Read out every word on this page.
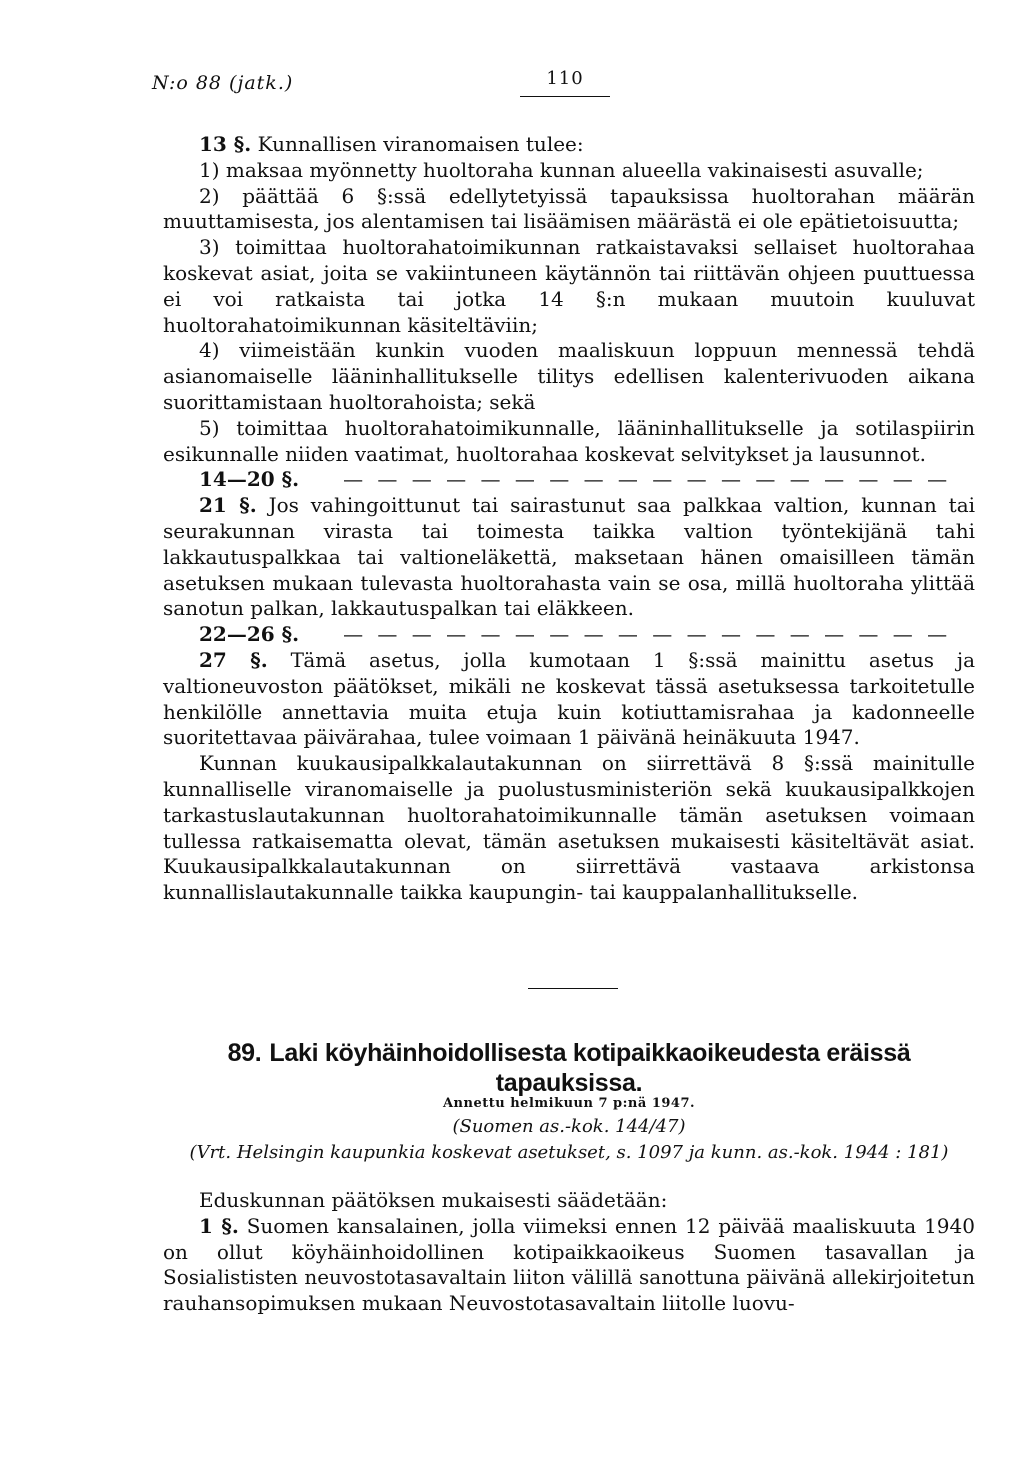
N:o 88 (jatk.)	110

13 §. Kunnallisen viranomaisen tulee:

1) maksaa myönnetty huoltoraha kunnan alueella vakinaisesti asuvalle;

2) päättää 6 §:ssä edellytetyissä tapauksissa huoltorahan määrän muuttamisesta, jos alentamisen tai lisäämisen määrästä ei ole epätietoisuutta;

3) toimittaa huoltorahatoimikunnan ratkaistavaksi sellaiset huoltorahaa koskevat asiat, joita se vakiintuneen käytännön tai riittävän ohjeen puuttuessa ei voi ratkaista tai jotka 14 §:n mukaan muutoin kuuluvat huoltorahatoimikunnan käsiteltäviin;

4) viimeistään kunkin vuoden maaliskuun loppuun mennessä tehdä asianomaiselle lääninhallitukselle tilitys edellisen kalenterivuoden aikana suorittamistaan huoltorahoista; sekä

5) toimittaa huoltorahatoimikunnalle, lääninhallitukselle ja sotilaspiirin esikunnalle niiden vaatimat, huoltorahaa koskevat selvitykset ja lausunnot.

14—20 §. — — — — — — — — — — — — — — — — — —

21 §. Jos vahingoittunut tai sairastunut saa palkkaa valtion, kunnan tai seurakunnan virasta tai toimesta taikka valtion työntekijänä tahi lakkautuspalkkaa tai valtioneläkettä, maksetaan hänen omaisilleen tämän asetuksen mukaan tulevasta huoltorahasta vain se osa, millä huoltoraha ylittää sanotun palkan, lakkautuspalkan tai eläkkeen.

22—26 §. — — — — — — — — — — — — — — — — — —

27 §. Tämä asetus, jolla kumotaan 1 §:ssä mainittu asetus ja valtioneuvoston päätökset, mikäli ne koskevat tässä asetuksessa tarkoitetulle henkilölle annettavia muita etuja kuin kotiuttamisrahaa ja kadonneelle suoritettavaa päivärahaa, tulee voimaan 1 päivänä heinäkuuta 1947.

Kunnan kuukausipalkkalautakunnan on siirrettävä 8 §:ssä mainitulle kunnalliselle viranomaiselle ja puolustusministeriön sekä kuukausipalkkojen tarkastuslautakunnan huoltorahatoimikunnalle tämän asetuksen voimaan tullessa ratkaisematta olevat, tämän asetuksen mukaisesti käsiteltävät asiat. Kuukausipalkkalautakunnan on siirrettävä vastaava arkistonsa kunnallislautakunnalle taikka kaupungin- tai kauppalanhallitukselle.

89. Laki köyhäinhoidollisesta kotipaikkaoikeudesta eräissä tapauksissa.
Annettu helmikuun 7 p:nä 1947.
(Suomen as.-kok. 144/47)
(Vrt. Helsingin kaupunkia koskevat asetukset, s. 1097 ja kunn. as.-kok. 1944 : 181)

Eduskunnan päätöksen mukaisesti säädetään:

1 §. Suomen kansalainen, jolla viimeksi ennen 12 päivää maaliskuuta 1940 on ollut köyhäinhoidollinen kotipaikkaoikeus Suomen tasavallan ja Sosialististen neuvostotasavaltain liiton välillä sanottuna päivänä allekirjoitetun rauhansopimuksen mukaan Neuvostotasavaltain liitolle luovu-
